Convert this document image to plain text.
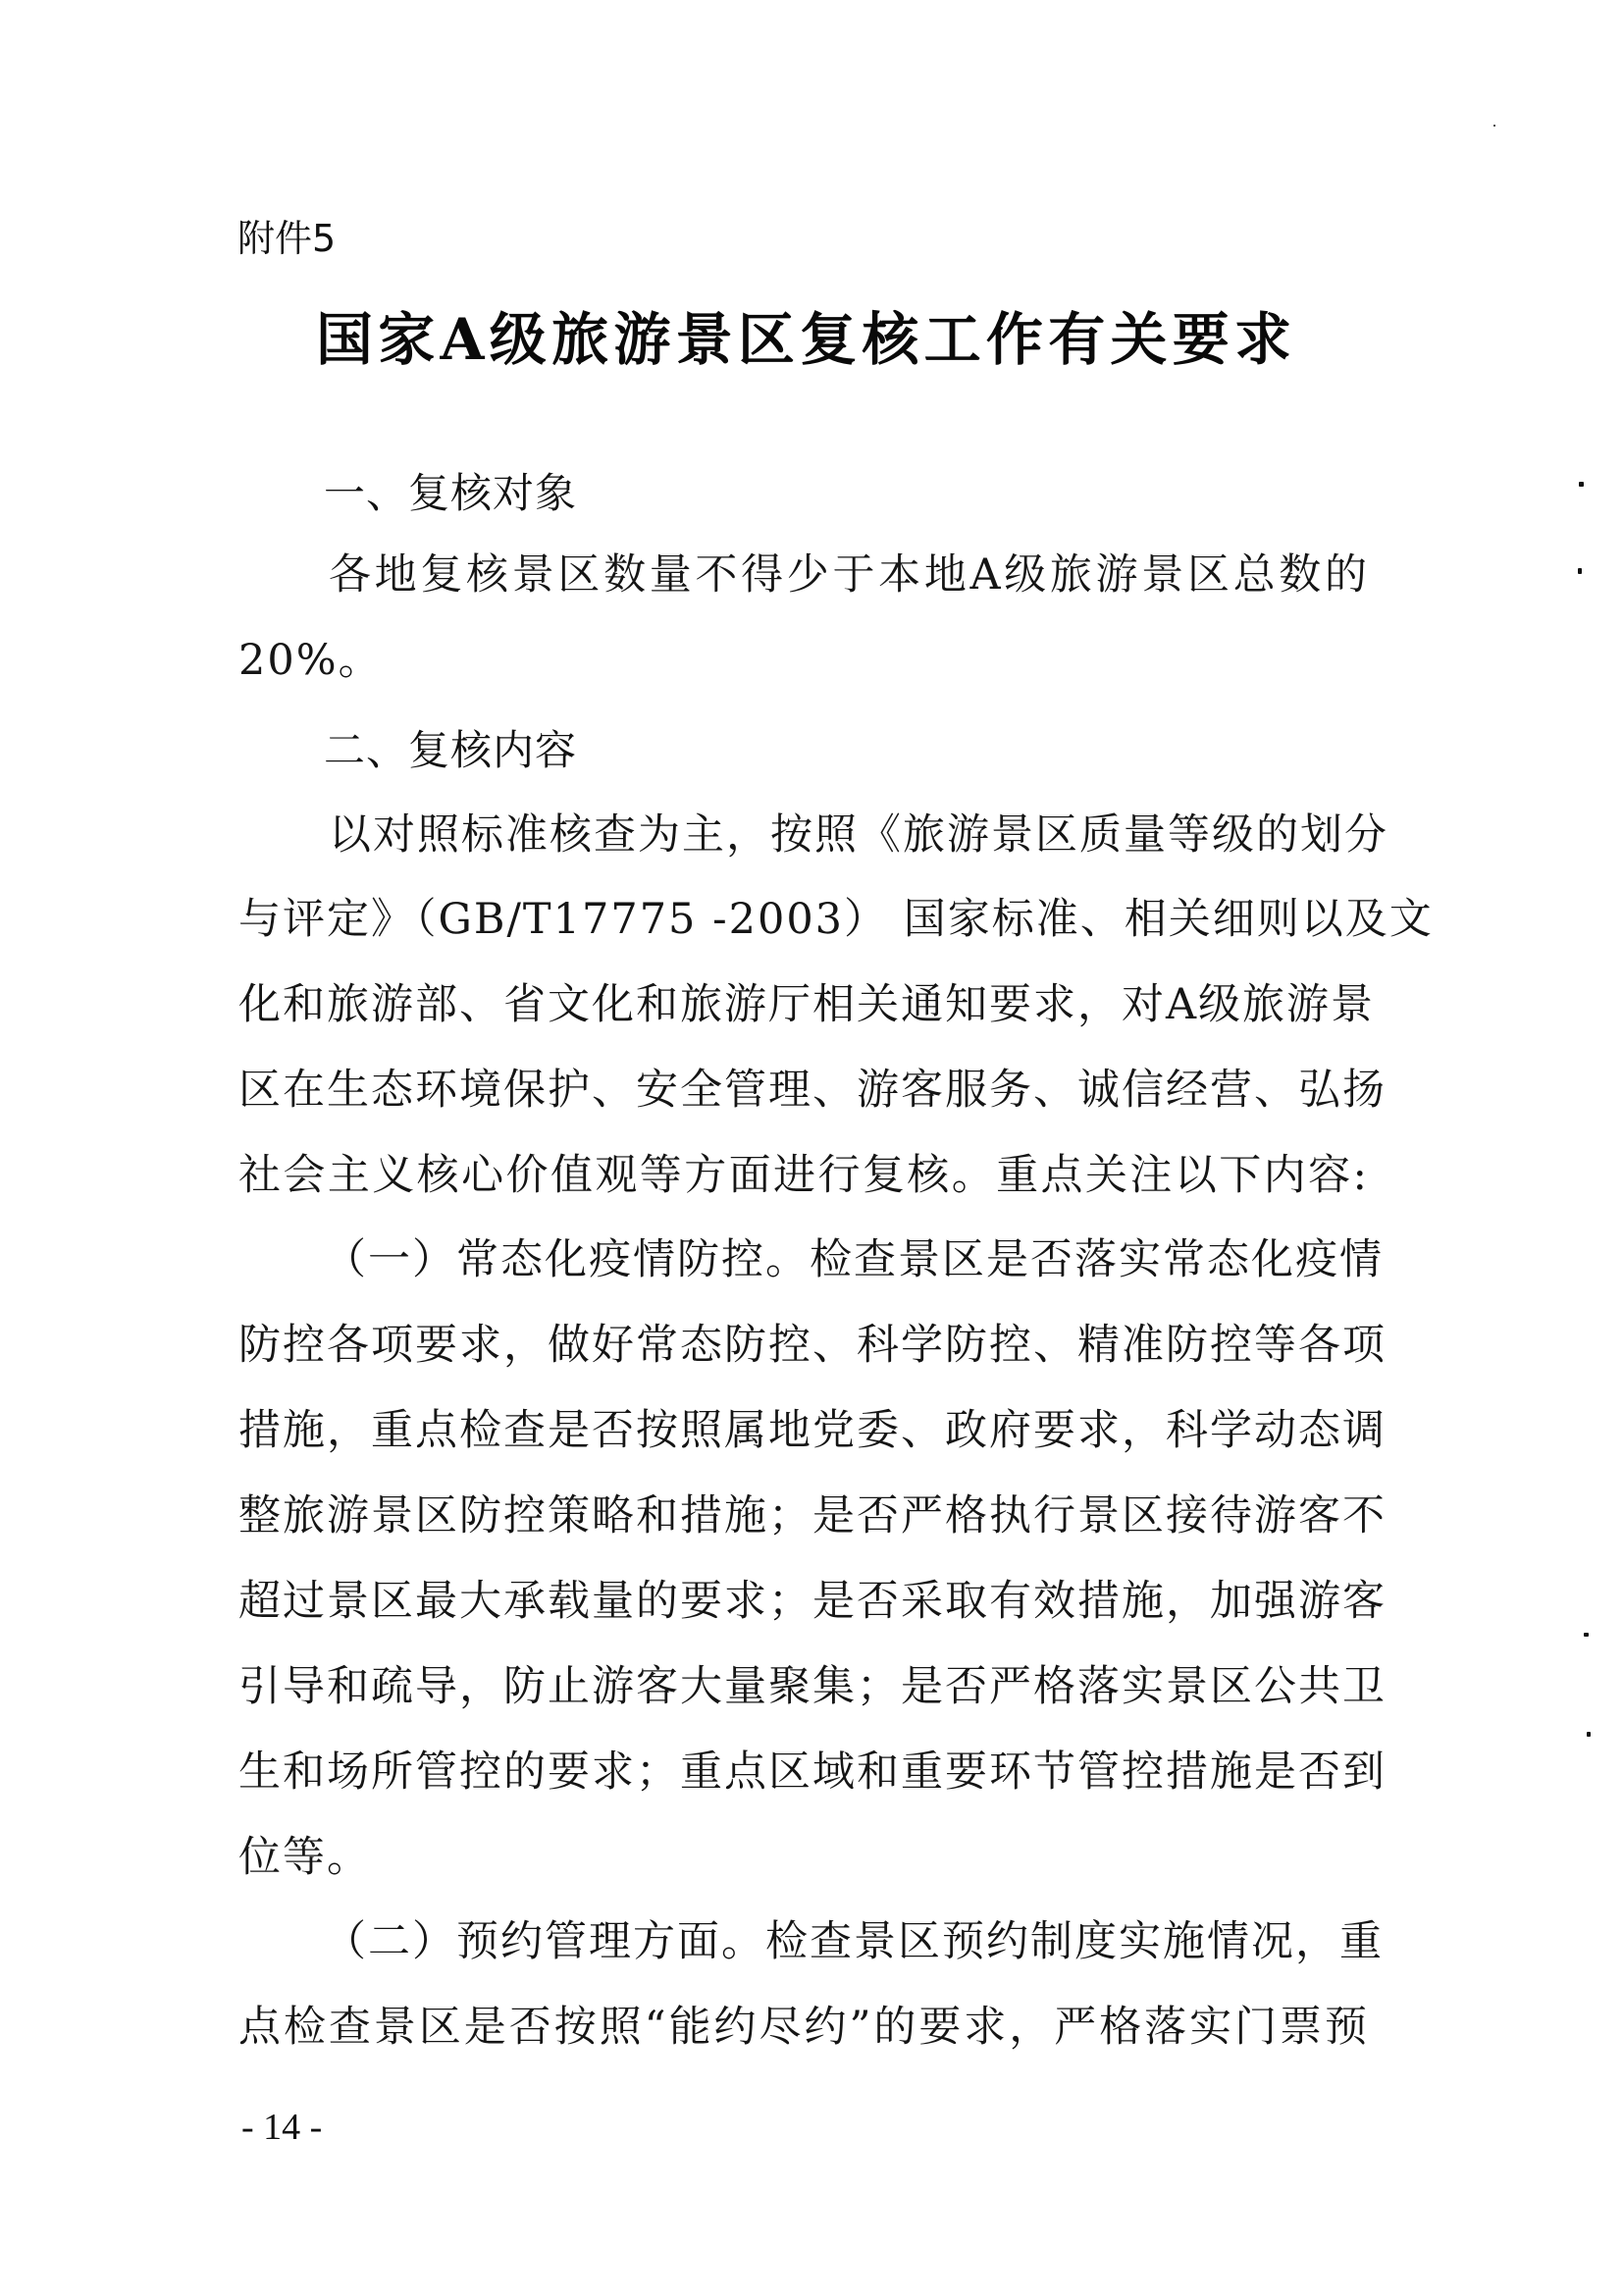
附件5
国家A级旅游景区复核工作有关要求
一、复核对象
各地复核景区数量不得少于本地A级旅游景区总数的
20%。
二、复核内容
以对照标准核查为主，按照《旅游景区质量等级的划分
与评定》（GB/T17775 -2003） 国家标准、相关细则以及文
化和旅游部、省文化和旅游厅相关通知要求，对A级旅游景
区在生态环境保护、安全管理、游客服务、诚信经营、弘扬
社会主义核心价值观等方面进行复核。重点关注以下内容:
（一）常态化疫情防控。检查景区是否落实常态化疫情
防控各项要求，做好常态防控、科学防控、精准防控等各项
措施，重点检查是否按照属地党委、政府要求，科学动态调
整旅游景区防控策略和措施；是否严格执行景区接待游客不
超过景区最大承载量的要求；是否采取有效措施，加强游客
引导和疏导，防止游客大量聚集；是否严格落实景区公共卫
生和场所管控的要求；重点区域和重要环节管控措施是否到
位等。
（二）预约管理方面。检查景区预约制度实施情况，重
点检查景区是否按照“能约尽约”的要求，严格落实门票预
- 14 -
